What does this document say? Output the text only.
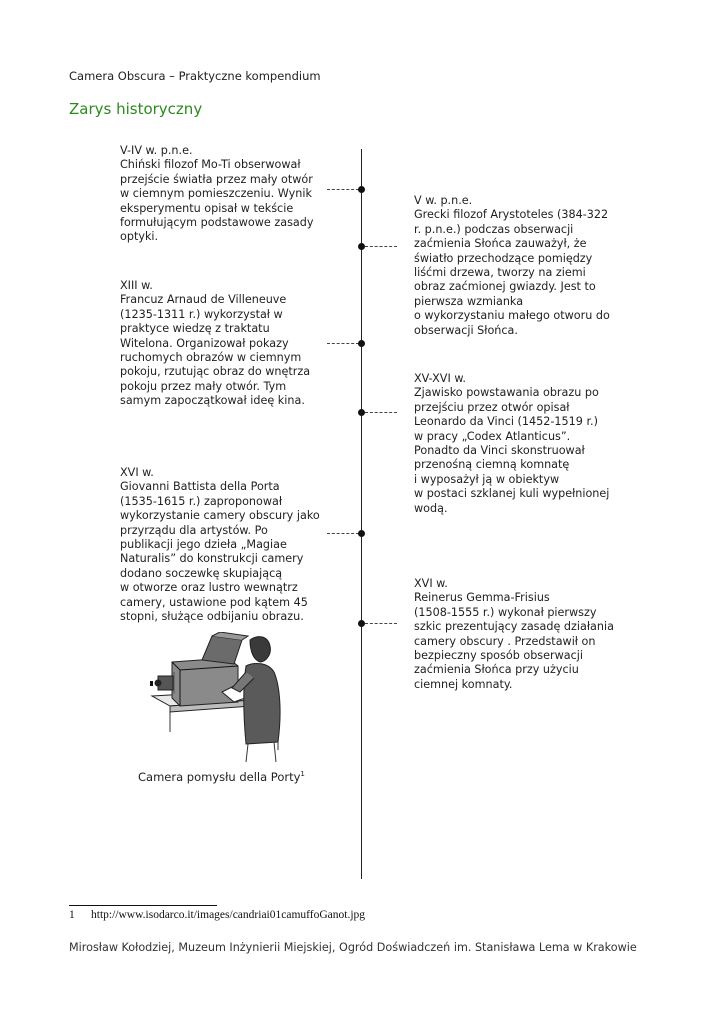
Camera Obscura – Praktyczne kompendium
Zarys historyczny
V-IV w. p.n.e.
Chiński filozof Mo-Ti obserwował
przejście światła przez mały otwór
w ciemnym pomieszczeniu. Wynik
eksperymentu opisał w tekście
formułującym podstawowe zasady
optyki.
V w. p.n.e.
Grecki filozof Arystoteles (384-322
r. p.n.e.) podczas obserwacji
zaćmienia Słońca zauważył, że
światło przechodzące pomiędzy
liśćmi drzewa, tworzy na ziemi
obraz zaćmionej gwiazdy. Jest to
pierwsza wzmianka
o wykorzystaniu małego otworu do
obserwacji Słońca.
XIII w.
Francuz Arnaud de Villeneuve
(1235-1311 r.) wykorzystał w
praktyce wiedzę z traktatu
Witelona. Organizował pokazy
ruchomych obrazów w ciemnym
pokoju, rzutując obraz do wnętrza
pokoju przez mały otwór. Tym
samym zapoczątkował ideę kina.
XV-XVI w.
Zjawisko powstawania obrazu po
przejściu przez otwór opisał
Leonardo da Vinci (1452-1519 r.)
w pracy „Codex Atlanticus”.
Ponadto da Vinci skonstruował
przenośną ciemną komnatę
i wyposażył ją w obiektyw
w postaci szklanej kuli wypełnionej
wodą.
XVI w.
Giovanni Battista della Porta
(1535-1615 r.) zaproponował
wykorzystanie camery obscury jako
przyrządu dla artystów. Po
publikacji jego dzieła „Magiae
Naturalis” do konstrukcji camery
dodano soczewkę skupiającą
w otworze oraz lustro wewnątrz
camery, ustawione pod kątem 45
stopni, służące odbijaniu obrazu.
XVI w.
Reinerus Gemma-Frisius
(1508-1555 r.) wykonał pierwszy
szkic prezentujący zasadę działania
camery obscury . Przedstawił on
bezpieczny sposób obserwacji
zaćmienia Słońca przy użyciu
ciemnej komnaty.
Camera pomysłu della Porty$^1$
1 http://www.isodarco.it/images/candriai01camuffoGanot.jpg
Mirosław Kołodziej, Muzeum Inżynierii Miejskiej, Ogród Doświadczeń im. Stanisława Lema w Krakowie
